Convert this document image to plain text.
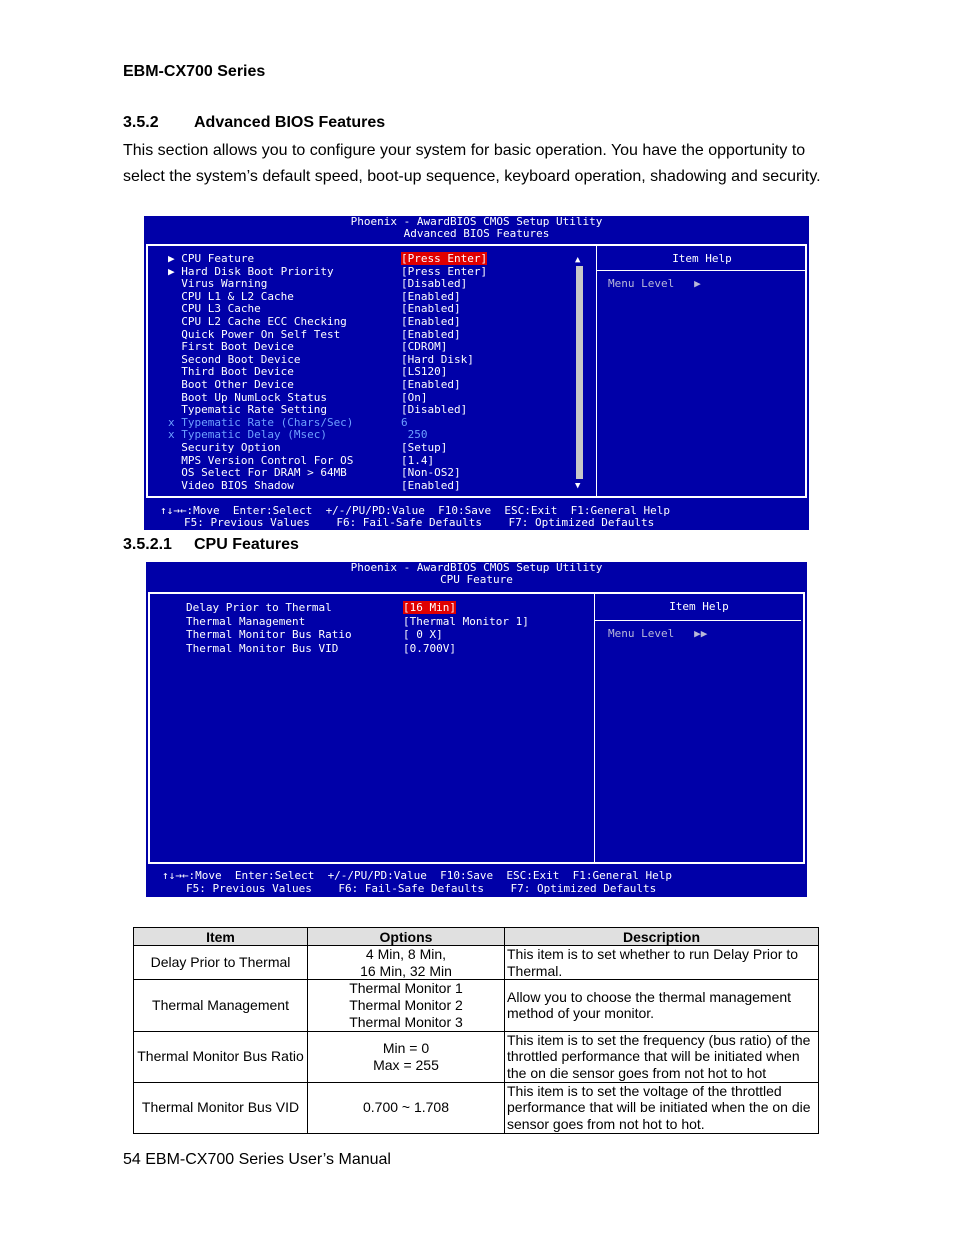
EBM-CX700 Series
3.5.2 Advanced BIOS Features
This section allows you to configure your system for basic operation. You have the opportunity to select the system’s default speed, boot-up sequence, keyboard operation, shadowing and security.
Phoenix - AwardBIOS CMOS Setup Utility
Advanced BIOS Features
▶ CPU Feature	[Press Enter]
▶ Hard Disk Boot Priority	[Press Enter]
Virus Warning	[Disabled]
CPU L1 & L2 Cache	[Enabled]
CPU L3 Cache	[Enabled]
CPU L2 Cache ECC Checking	[Enabled]
Quick Power On Self Test	[Enabled]
First Boot Device	[CDROM]
Second Boot Device	[Hard Disk]
Third Boot Device	[LS120]
Boot Other Device	[Enabled]
Boot Up NumLock Status	[On]
Typematic Rate Setting	[Disabled]
x Typematic Rate (Chars/Sec)	6
x Typematic Delay (Msec)	250
Security Option	[Setup]
MPS Version Control For OS	[1.4]
OS Select For DRAM > 64MB	[Non-OS2]
Video BIOS Shadow	[Enabled]
▲
▼
Item Help
Menu Level   ▶
↑↓→←:Move  Enter:Select  +/-/PU/PD:Value  F10:Save  ESC:Exit  F1:General Help
F5: Previous Values    F6: Fail-Safe Defaults    F7: Optimized Defaults
3.5.2.1 CPU Features
Phoenix - AwardBIOS CMOS Setup Utility
CPU Feature
Delay Prior to Thermal	[16 Min]
Thermal Management	[Thermal Monitor 1]
Thermal Monitor Bus Ratio	[ 0 X]
Thermal Monitor Bus VID	[0.700V]
Item Help
Menu Level   ▶▶
↑↓→←:Move  Enter:Select  +/-/PU/PD:Value  F10:Save  ESC:Exit  F1:General Help
F5: Previous Values    F6: Fail-Safe Defaults    F7: Optimized Defaults
Item	Options	Description
Delay Prior to Thermal	4 Min, 8 Min,
16 Min, 32 Min	This item is to set whether to run Delay Prior to Thermal.
Thermal Management	Thermal Monitor 1
Thermal Monitor 2
Thermal Monitor 3	Allow you to choose the thermal management method of your monitor.
Thermal Monitor Bus Ratio	Min = 0
Max = 255	This item is to set the frequency (bus ratio) of the throttled performance that will be initiated when the on die sensor goes from not hot to hot
Thermal Monitor Bus VID	0.700 ~ 1.708	This item is to set the voltage of the throttled performance that will be initiated when the on die sensor goes from not hot to hot.
54 EBM-CX700 Series User’s Manual
